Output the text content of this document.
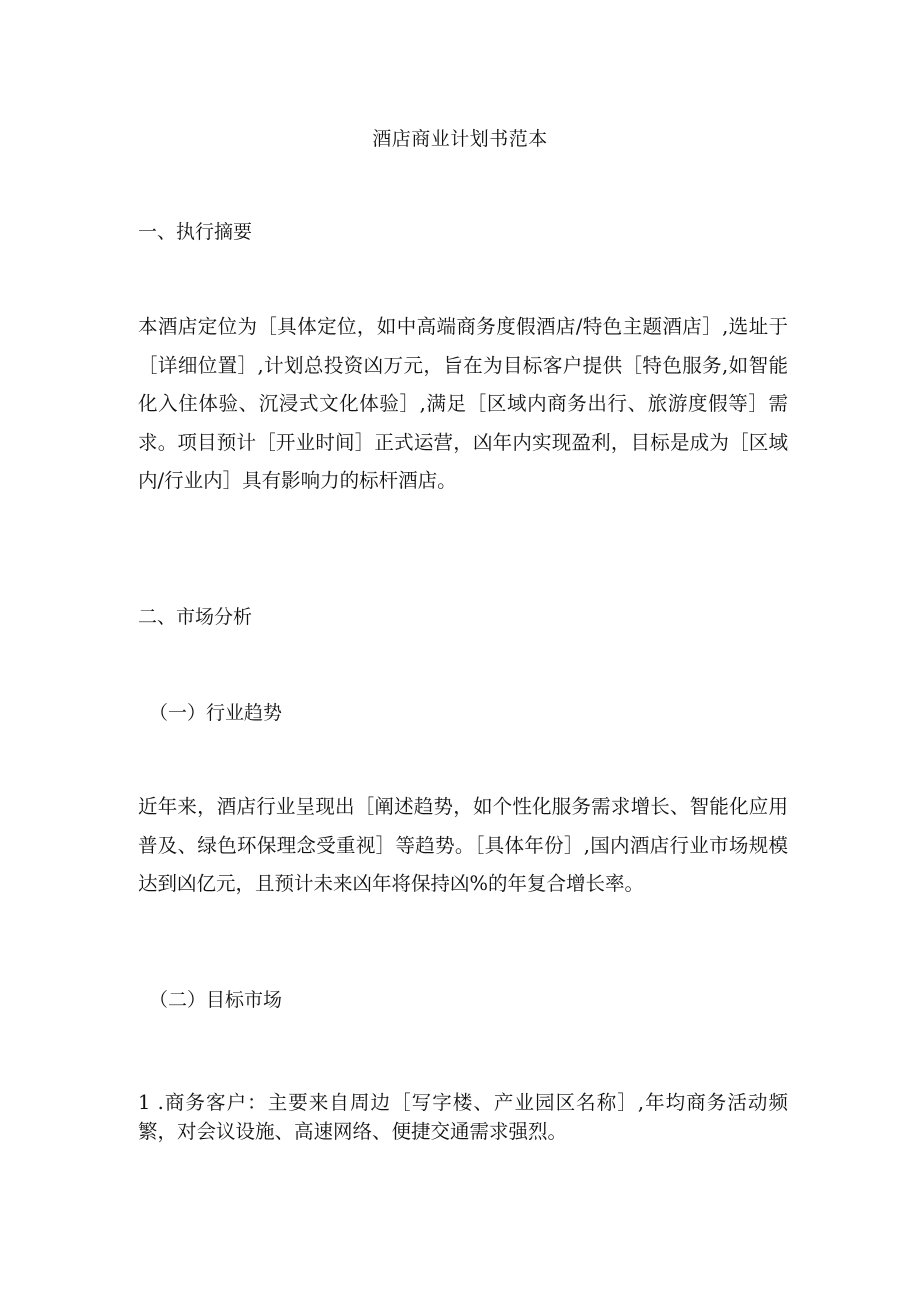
酒店商业计划书范本
一、执行摘要
本酒店定位为［具体定位，如中高端商务度假酒店/特色主题酒店］,选址于［详细位置］,计划总投资凶万元，旨在为目标客户提供［特色服务,如智能化入住体验、沉浸式文化体验］,满足［区域内商务出行、旅游度假等］需求。项目预计［开业时间］正式运营，凶年内实现盈利，目标是成为［区域内/行业内］具有影响力的标杆酒店。
二、市场分析
（一）行业趋势
近年来，酒店行业呈现出［阐述趋势，如个性化服务需求增长、智能化应用普及、绿色环保理念受重视］等趋势。［具体年份］,国内酒店行业市场规模达到凶亿元，且预计未来凶年将保持凶%的年复合增长率。
（二）目标市场
1 .商务客户：主要来自周边［写字楼、产业园区名称］,年均商务活动频繁，对会议设施、高速网络、便捷交通需求强烈。
